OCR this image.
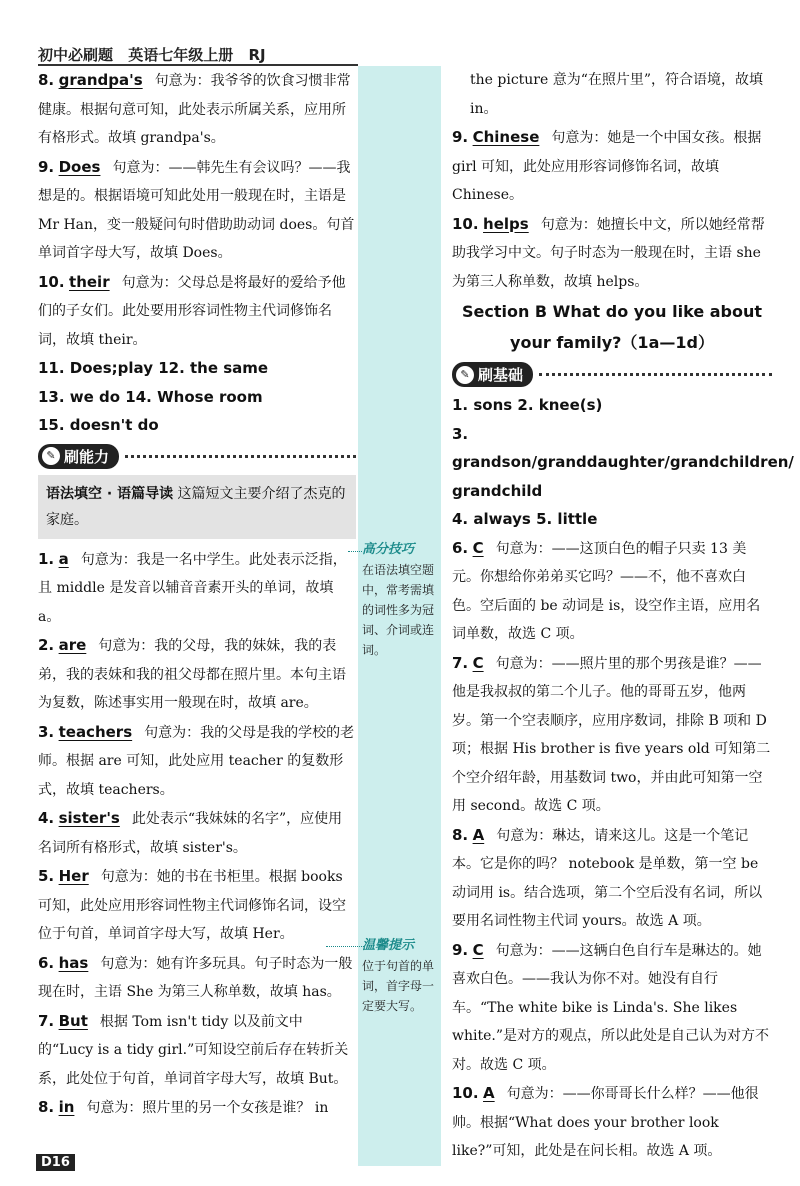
初中必刷题 英语七年级上册 RJ

8. grandpa's 句意为：我爷爷的饮食习惯非常健康。根据句意可知，此处表示所属关系，应用所有格形式。故填 grandpa's。

9. Does 句意为：——韩先生有会议吗？——我想是的。根据语境可知此处用一般现在时，主语是 Mr Han，变一般疑问句时借助助动词 does。句首单词首字母大写，故填 Does。

10. their 句意为：父母总是将最好的爱给予他们的子女们。此处要用形容词性物主代词修饰名词，故填 their。

11. Does;play 12. the same

13. we do 14. Whose room

15. doesn't do

✎ 刷能力
语法填空 · 语篇导读 这篇短文主要介绍了杰克的家庭。

1. a 句意为：我是一名中学生。此处表示泛指，且 middle 是发音以辅音音素开头的单词，故填 a。

2. are 句意为：我的父母，我的妹妹，我的表弟，我的表妹和我的祖父母都在照片里。本句主语为复数，陈述事实用一般现在时，故填 are。

3. teachers 句意为：我的父母是我的学校的老师。根据 are 可知，此处应用 teacher 的复数形式，故填 teachers。

4. sister's 此处表示“我妹妹的名字”，应使用名词所有格形式，故填 sister's。

5. Her 句意为：她的书在书柜里。根据 books 可知，此处应用形容词性物主代词修饰名词，设空位于句首，单词首字母大写，故填 Her。

6. has 句意为：她有许多玩具。句子时态为一般现在时，主语 She 为第三人称单数，故填 has。

7. But 根据 Tom isn't tidy 以及前文中的“Lucy is a tidy girl.”可知设空前后存在转折关系，此处位于句首，单词首字母大写，故填 But。

8. in 句意为：照片里的另一个女孩是谁？ in

高分技巧
在语法填空题中，常考需填的词性多为冠词、介词或连词。
温馨提示
位于句首的单词，首字母一定要大写。

the picture 意为“在照片里”，符合语境，故填 in。

9. Chinese 句意为：她是一个中国女孩。根据 girl 可知，此处应用形容词修饰名词，故填 Chinese。

10. helps 句意为：她擅长中文，所以她经常帮助我学习中文。句子时态为一般现在时，主语 she 为第三人称单数，故填 helps。

Section B What do you like about
your family?（1a—1d）
✎ 刷基础

1. sons 2. knee(s)

3. grandson/granddaughter/grandchildren/

grandchild

4. always 5. little

6. C 句意为：——这顶白色的帽子只卖 13 美元。你想给你弟弟买它吗？——不，他不喜欢白色。空后面的 be 动词是 is，设空作主语，应用名词单数，故选 C 项。

7. C 句意为：——照片里的那个男孩是谁？——他是我叔叔的第二个儿子。他的哥哥五岁，他两岁。第一个空表顺序，应用序数词，排除 B 项和 D 项；根据 His brother is five years old 可知第二个空介绍年龄，用基数词 two，并由此可知第一空用 second。故选 C 项。

8. A 句意为：琳达，请来这儿。这是一个笔记本。它是你的吗？ notebook 是单数，第一空 be 动词用 is。结合选项，第二个空后没有名词，所以要用名词性物主代词 yours。故选 A 项。

9. C 句意为：——这辆白色自行车是琳达的。她喜欢白色。——我认为你不对。她没有自行车。“The white bike is Linda's. She likes white.”是对方的观点，所以此处是自己认为对方不对。故选 C 项。

10. A 句意为：——你哥哥长什么样？——他很帅。根据“What does your brother look like?”可知，此处是在问长相。故选 A 项。

D16
